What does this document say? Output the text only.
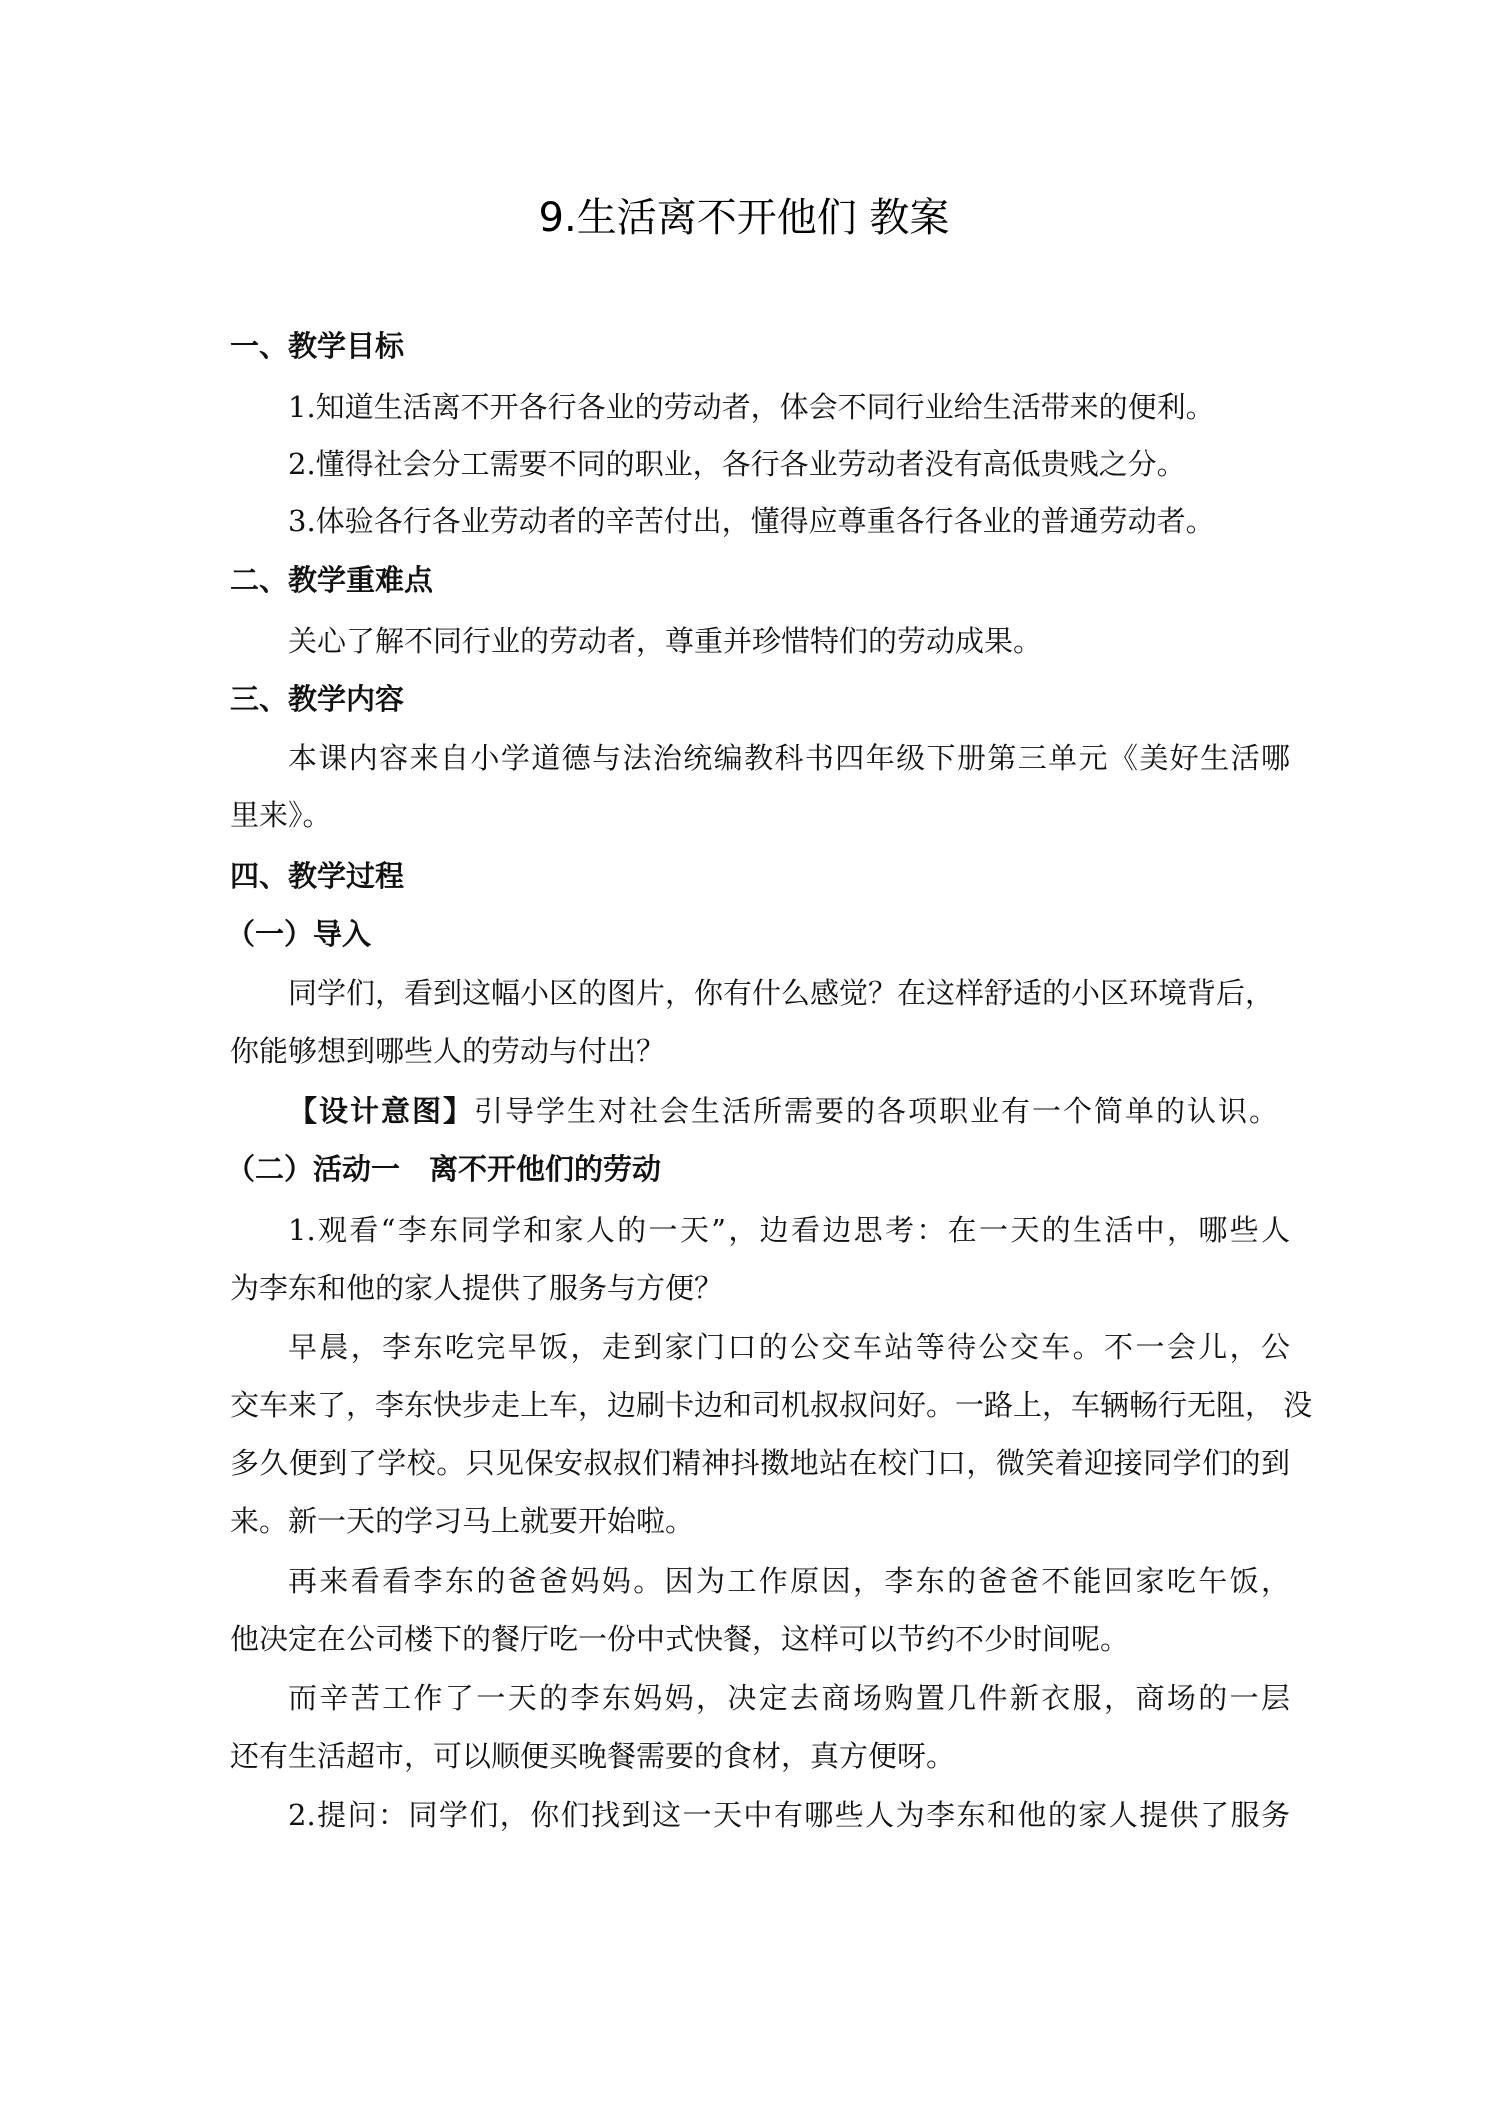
9.生活离不开他们 教案
一、教学目标
1.知道生活离不开各行各业的劳动者，体会不同行业给生活带来的便利。
2.懂得社会分工需要不同的职业，各行各业劳动者没有高低贵贱之分。
3.体验各行各业劳动者的辛苦付出，懂得应尊重各行各业的普通劳动者。
二、教学重难点
关心了解不同行业的劳动者，尊重并珍惜特们的劳动成果。
三、教学内容
本课内容来自小学道德与法治统编教科书四年级下册第三单元《美好生活哪
里来》。
四、教学过程
（一）导入
同学们，看到这幅小区的图片，你有什么感觉？在这样舒适的小区环境背后，
你能够想到哪些人的劳动与付出？
【设计意图】引导学生对社会生活所需要的各项职业有一个简单的认识。
（二）活动一　离不开他们的劳动
1.观看“李东同学和家人的一天”，边看边思考：在一天的生活中，哪些人
为李东和他的家人提供了服务与方便？
早晨，李东吃完早饭，走到家门口的公交车站等待公交车。不一会儿，公
交车来了，李东快步走上车，边刷卡边和司机叔叔问好。一路上，车辆畅行无阻， 没
多久便到了学校。只见保安叔叔们精神抖擞地站在校门口，微笑着迎接同学们的到
来。新一天的学习马上就要开始啦。
再来看看李东的爸爸妈妈。因为工作原因，李东的爸爸不能回家吃午饭，
他决定在公司楼下的餐厅吃一份中式快餐，这样可以节约不少时间呢。
而辛苦工作了一天的李东妈妈，决定去商场购置几件新衣服，商场的一层
还有生活超市，可以顺便买晚餐需要的食材，真方便呀。
2.提问：同学们，你们找到这一天中有哪些人为李东和他的家人提供了服务
